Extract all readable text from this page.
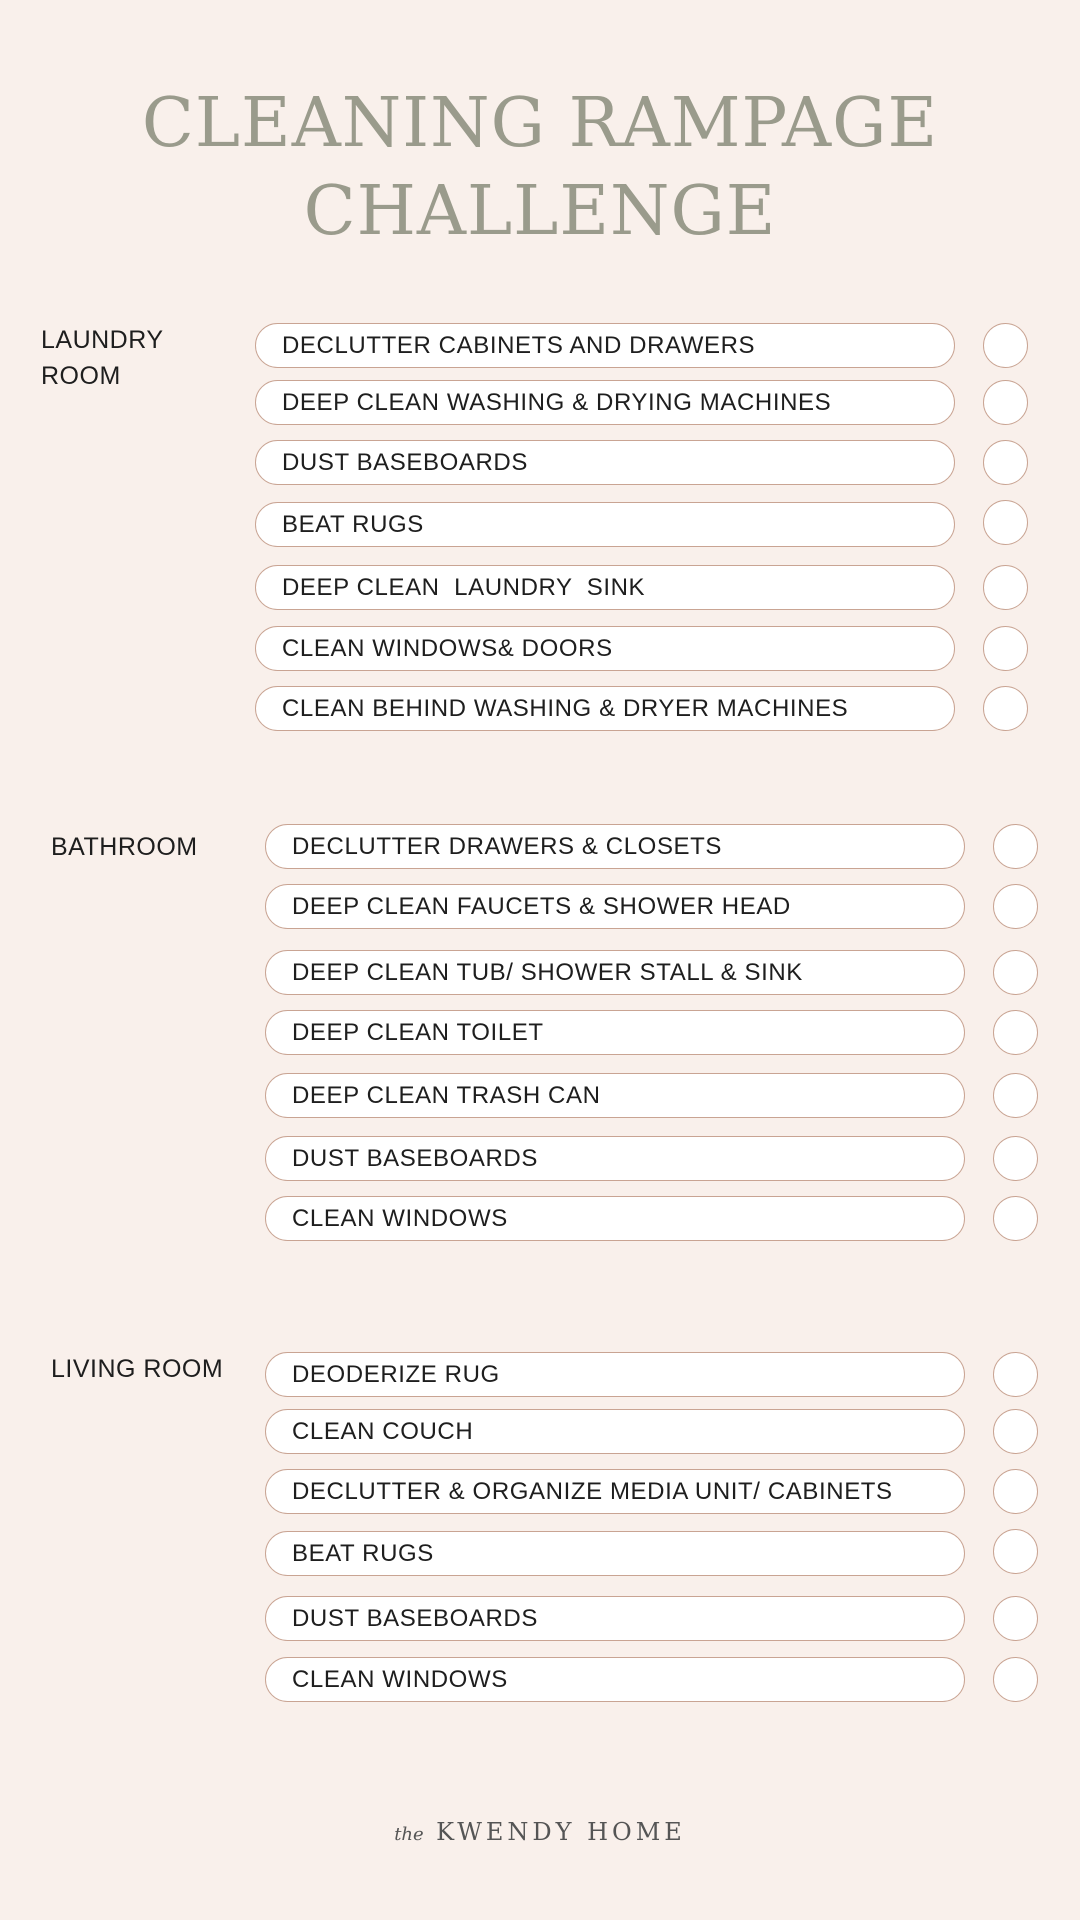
CLEANING RAMPAGE
CHALLENGE
LAUNDRY
ROOM
DECLUTTER CABINETS AND DRAWERS
DEEP CLEAN WASHING & DRYING MACHINES
DUST BASEBOARDS
BEAT RUGS
DEEP CLEAN  LAUNDRY  SINK
CLEAN WINDOWS& DOORS
CLEAN BEHIND WASHING & DRYER MACHINES
BATHROOM	DECLUTTER DRAWERS & CLOSETS
DEEP CLEAN FAUCETS & SHOWER HEAD
DEEP CLEAN TUB/ SHOWER STALL & SINK
DEEP CLEAN TOILET
DEEP CLEAN TRASH CAN
DUST BASEBOARDS
CLEAN WINDOWS
LIVING ROOM	DEODERIZE RUG
CLEAN COUCH
DECLUTTER & ORGANIZE MEDIA UNIT/ CABINETS
BEAT RUGS
DUST BASEBOARDS
CLEAN WINDOWS
the KWENDY HOME
